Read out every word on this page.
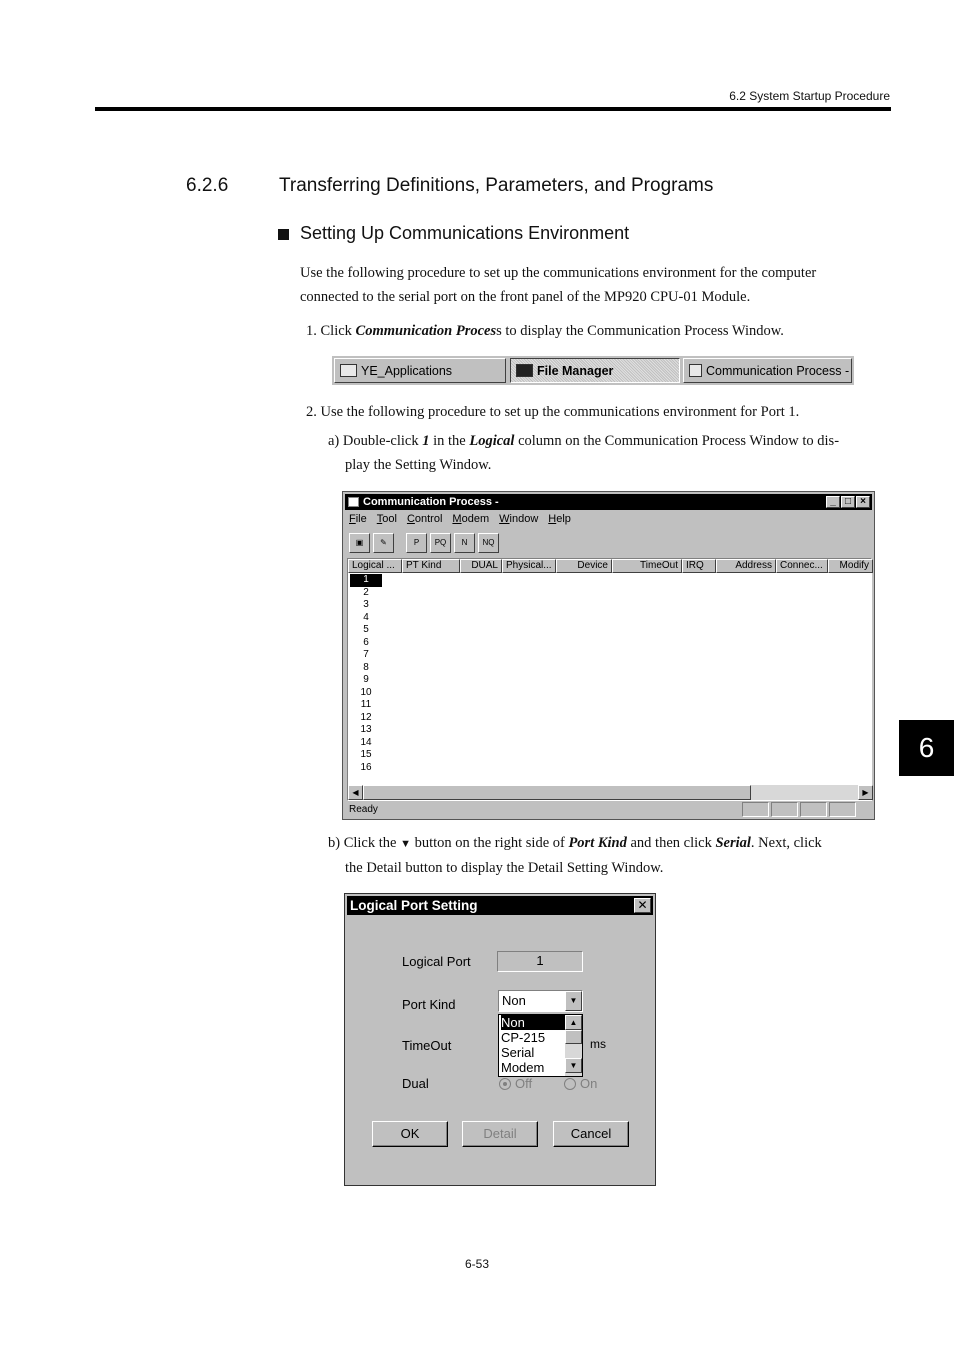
6.2 System Startup Procedure
6.2.6	Transferring Definitions, Parameters, and Programs
Setting Up Communications Environment
Use the following procedure to set up the communications environment for the computer
connected to the serial port on the front panel of the MP920 CPU-01 Module.
1. Click Communication Process to display the Communication Process Window.
YE_Applications	File Manager	Communication Process -
2. Use the following procedure to set up the communications environment for Port 1.
a) Double-click 1 in the Logical column on the Communication Process Window to dis-
play the Setting Window.
Communication Process -	_ □ ×
File Tool Control Modem Window Help
▣	✎	P	PQ	N	NQ
Logical ...	PT Kind	DUAL Physical...	Device	TimeOut IRQ	Address Connec...	Modify
1
2
3
4
5
6
7
8
9
10
11
12
13
14
15
16
◀	▶
Ready
b) Click the ▼ button on the right side of Port Kind and then click Serial. Next, click
the Detail button to display the Detail Setting Window.
Logical Port Setting	✕
Logical Port	1
Port Kind	Non	▼
Non
CP-215
Serial
Modem
▲
▼
TimeOut	ms
Dual	Off	On
OK	Detail	Cancel
6
6-53
